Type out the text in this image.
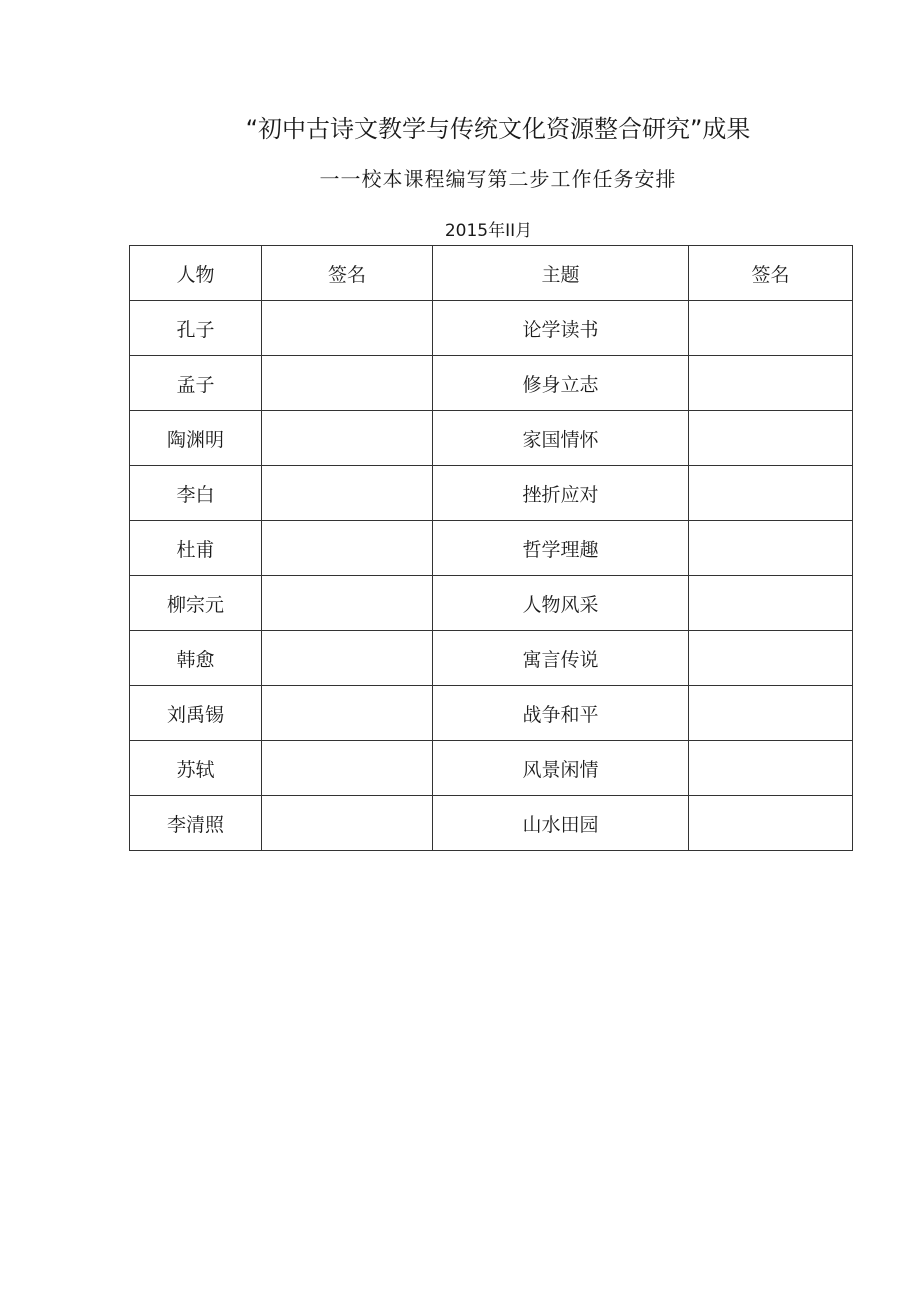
“初中古诗文教学与传统文化资源整合研究”成果
一一校本课程编写第二步工作任务安排
2015年II月
人物	签名	主题	签名
孔子		论学读书	
孟子		修身立志	
陶渊明		家国情怀	
李白		挫折应对	
杜甫		哲学理趣	
柳宗元		人物风采	
韩愈		寓言传说	
刘禹锡		战争和平	
苏轼		风景闲情	
李清照		山水田园	
